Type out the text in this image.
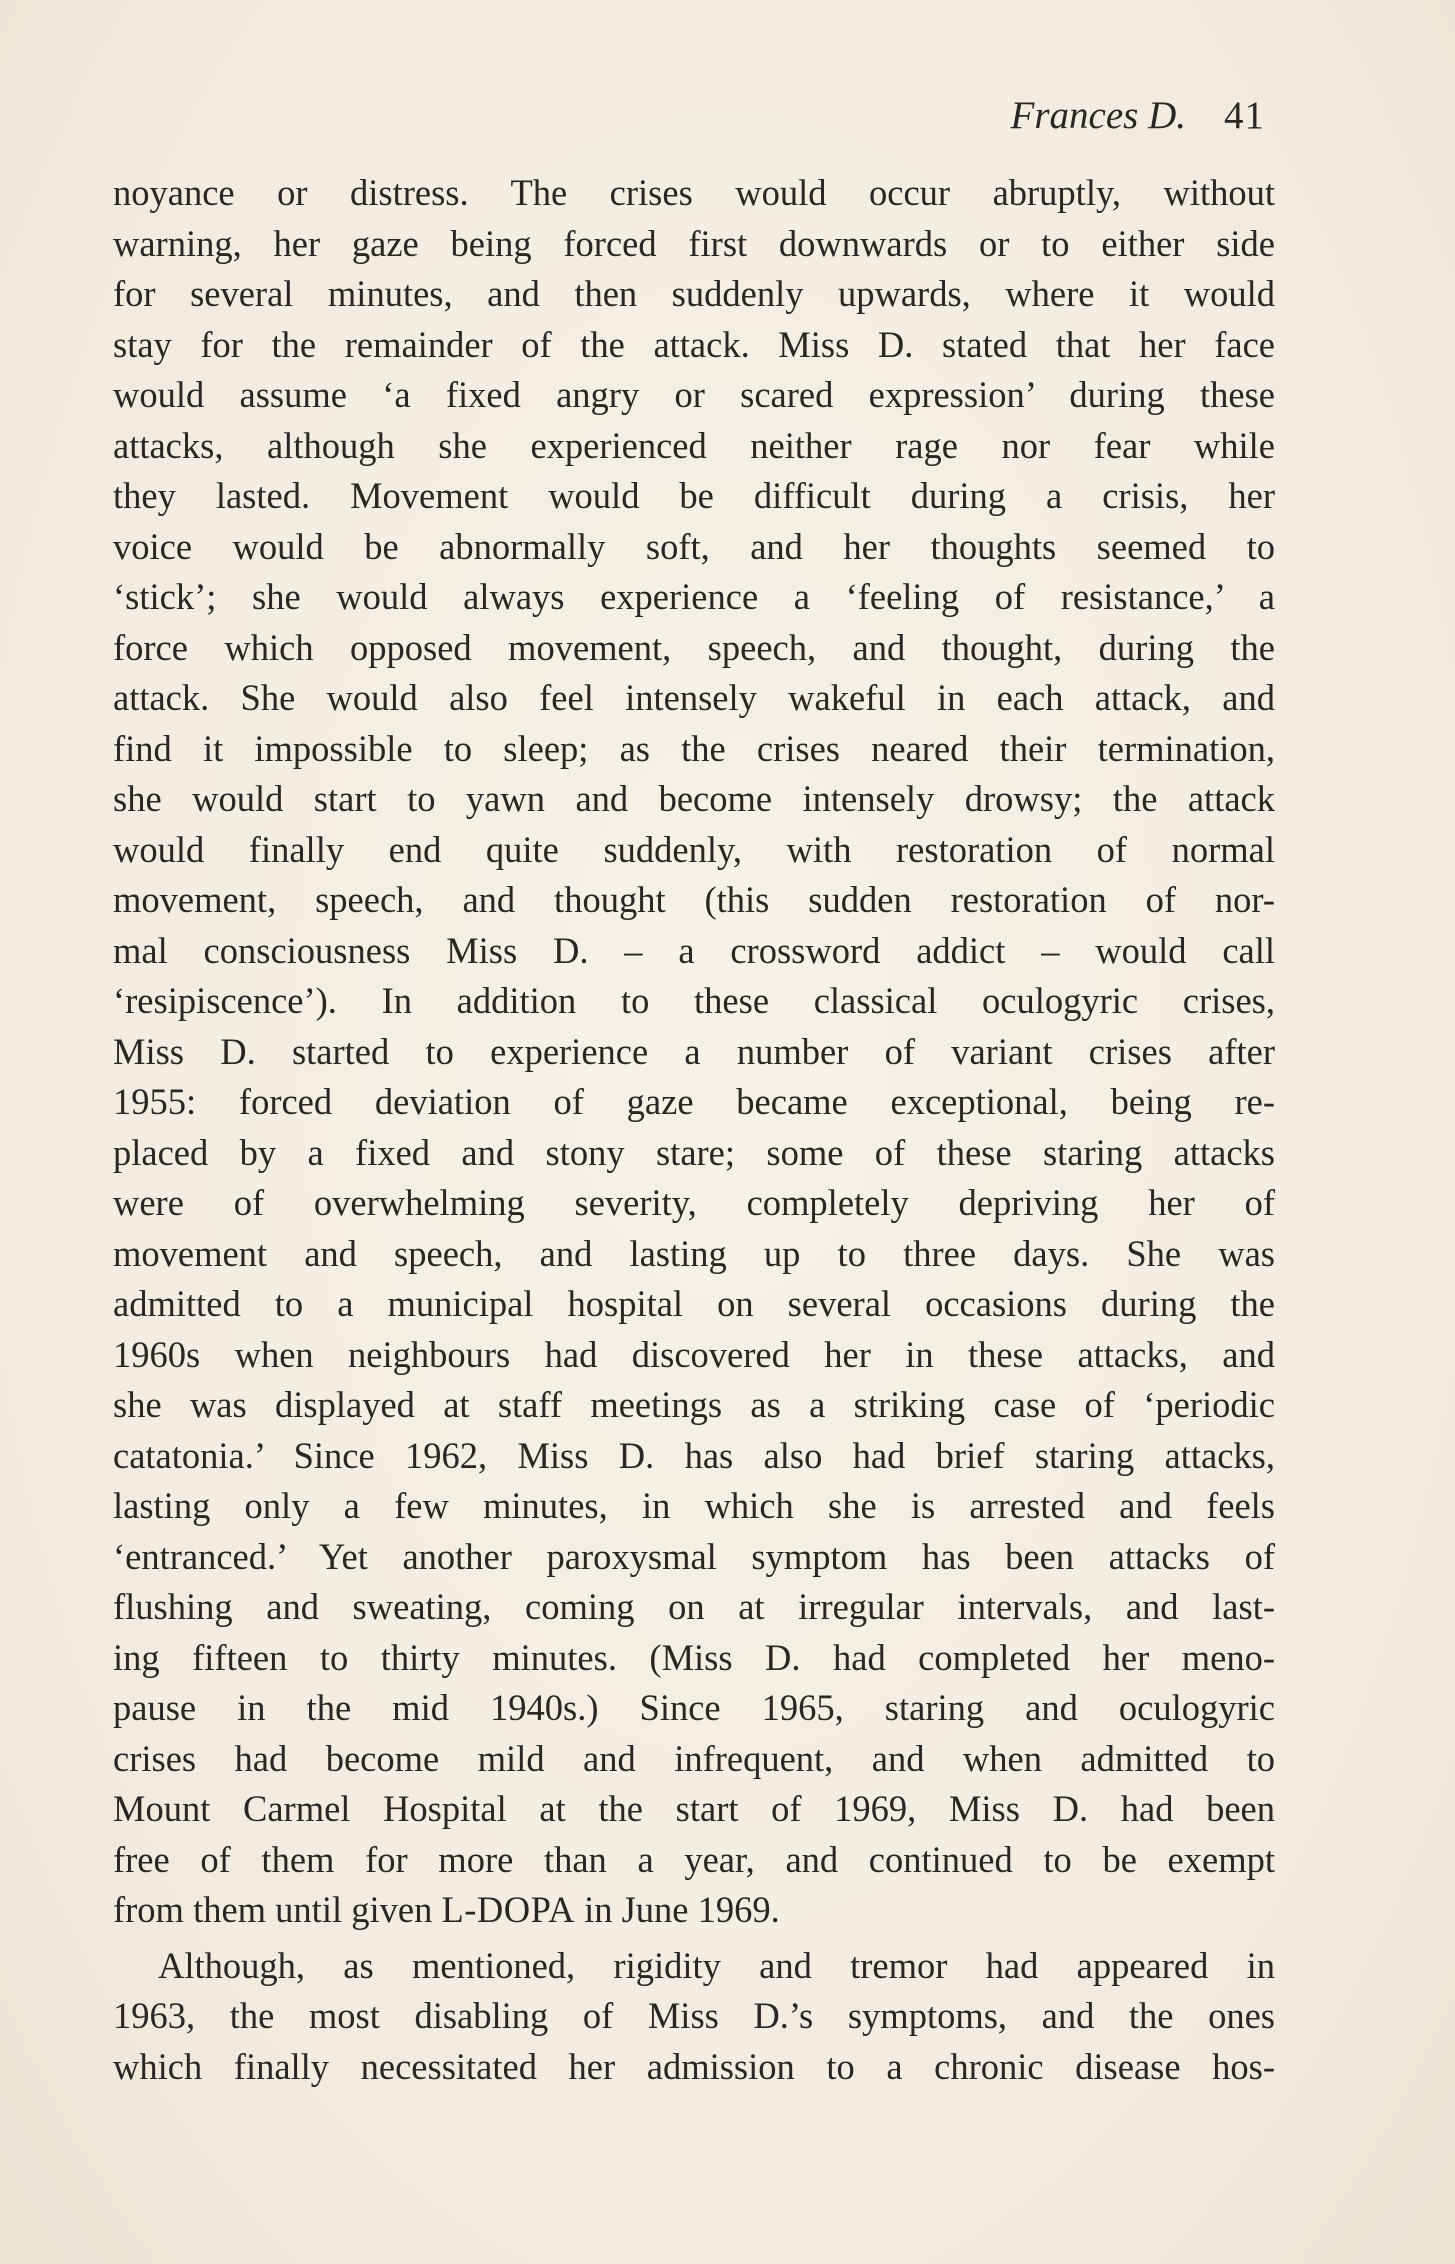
Frances D. 41
noyance or distress. The crises would occur abruptly, without
warning, her gaze being forced first downwards or to either side
for several minutes, and then suddenly upwards, where it would
stay for the remainder of the attack. Miss D. stated that her face
would assume ‘a fixed angry or scared expression’ during these
attacks, although she experienced neither rage nor fear while
they lasted. Movement would be difficult during a crisis, her
voice would be abnormally soft, and her thoughts seemed to
‘stick’; she would always experience a ‘feeling of resistance,’ a
force which opposed movement, speech, and thought, during the
attack. She would also feel intensely wakeful in each attack, and
find it impossible to sleep; as the crises neared their termination,
she would start to yawn and become intensely drowsy; the attack
would finally end quite suddenly, with restoration of normal
movement, speech, and thought (this sudden restoration of nor-
mal consciousness Miss D. – a crossword addict – would call
‘resipiscence’). In addition to these classical oculogyric crises,
Miss D. started to experience a number of variant crises after
1955: forced deviation of gaze became exceptional, being re-
placed by a fixed and stony stare; some of these staring attacks
were of overwhelming severity, completely depriving her of
movement and speech, and lasting up to three days. She was
admitted to a municipal hospital on several occasions during the
1960s when neighbours had discovered her in these attacks, and
she was displayed at staff meetings as a striking case of ‘periodic
catatonia.’ Since 1962, Miss D. has also had brief staring attacks,
lasting only a few minutes, in which she is arrested and feels
‘entranced.’ Yet another paroxysmal symptom has been attacks of
flushing and sweating, coming on at irregular intervals, and last-
ing fifteen to thirty minutes. (Miss D. had completed her meno-
pause in the mid 1940s.) Since 1965, staring and oculogyric
crises had become mild and infrequent, and when admitted to
Mount Carmel Hospital at the start of 1969, Miss D. had been
free of them for more than a year, and continued to be exempt
from them until given L-DOPA in June 1969.
Although, as mentioned, rigidity and tremor had appeared in
1963, the most disabling of Miss D.’s symptoms, and the ones
which finally necessitated her admission to a chronic disease hos-
